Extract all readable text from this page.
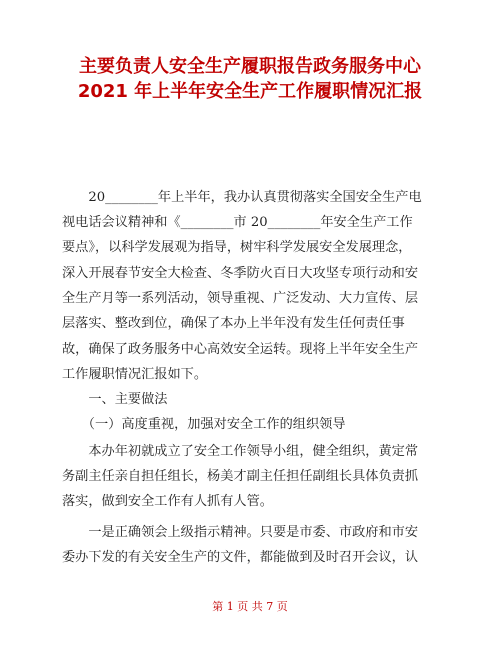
主要负责人安全生产履职报告政务服务中心
2021 年上半年安全生产工作履职情况汇报
　　20________年上半年，我办认真贯彻落实全国安全生产电
视电话会议精神和《________市 20________年安全生产工作
要点》，以科学发展观为指导，树牢科学发展安全发展理念，
深入开展春节安全大检查、冬季防火百日大攻坚专项行动和安
全生产月等一系列活动，领导重视、广泛发动、大力宣传、层
层落实、整改到位，确保了本办上半年没有发生任何责任事
故，确保了政务服务中心高效安全运转。现将上半年安全生产
工作履职情况汇报如下。
　　一、主要做法
　　（一）高度重视，加强对安全工作的组织领导
　　本办年初就成立了安全工作领导小组，健全组织，黄定常
务副主任亲自担任组长，杨美才副主任担任副组长具体负责抓
落实，做到安全工作有人抓有人管。
　　一是正确领会上级指示精神。只要是市委、市政府和市安
委办下发的有关安全生产的文件，都能做到及时召开会议，认
第 1 页 共 7 页
